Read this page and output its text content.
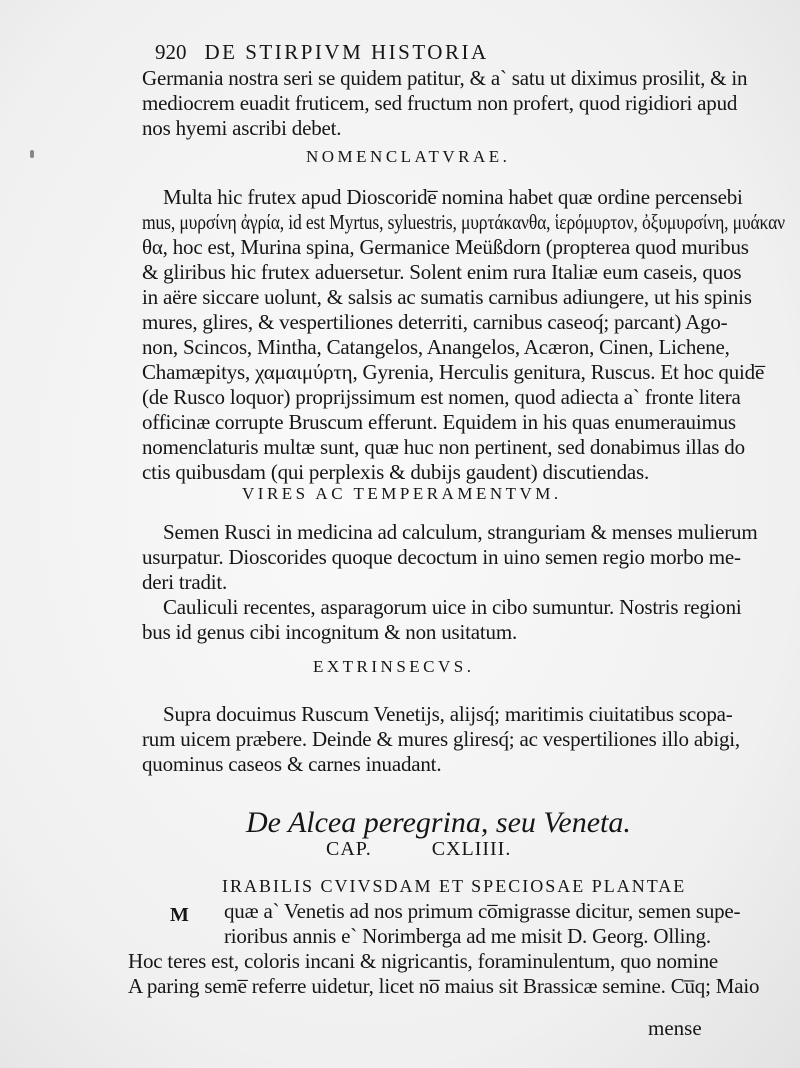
920 DE STIRPIVM HISTORIA
Germania nostra seri se quidem patitur, & a` satu ut diximus prosilit, & in
mediocrem euadit fruticem, sed fructum non profert, quod rigidiori apud
nos hyemi ascribi debet.
NOMENCLATVRAE.
Multa hic frutex apud Dioscoride̅ nomina habet quæ ordine percensebi
mus, μυρσίνη ἀγρία, id est Myrtus, syluestris, μυρτάκανθα, ἱερόμυρτον, ὀξυμυρσίνη, μυάκαν
θα, hoc est, Murina spina, Germanice Meüßdorn (propterea quod muribus
& gliribus hic frutex aduersetur. Solent enim rura Italiæ eum caseis, quos
in aëre siccare uolunt, & salsis ac sumatis carnibus adiungere, ut his spinis
mures, glires, & vespertiliones deterriti, carnibus caseoq́; parcant) Ago-
non, Scincos, Mintha, Catangelos, Anangelos, Acæron, Cinen, Lichene,
Chamæpitys, χαμαιμύρτη, Gyrenia, Herculis genitura, Ruscus. Et hoc quide̅
(de Rusco loquor) proprĳssimum est nomen, quod adiecta a` fronte litera
officinæ corrupte Bruscum efferunt. Equidem in his quas enumerauimus
nomenclaturis multæ sunt, quæ huc non pertinent, sed donabimus illas do
ctis quibusdam (qui perplexis & dubĳs gaudent) discutiendas.
VIRES AC TEMPERAMENTVM.
Semen Rusci in medicina ad calculum, stranguriam & menses mulierum
usurpatur. Dioscorides quoque decoctum in uino semen regio morbo me-
deri tradit.
Cauliculi recentes, asparagorum uice in cibo sumuntur. Nostris regioni
bus id genus cibi incognitum & non usitatum.
EXTRINSECVS.
Supra docuimus Ruscum Venetĳs, alĳsq́; maritimis ciuitatibus scopa-
rum uicem præbere. Deinde & mures gliresq́; ac vespertiliones illo abigi,
quominus caseos & carnes inuadant.
De Alcea peregrina, seu Veneta.
CAP.	CXLIIII.
IRABILIS CVIVSDAM ET SPECIOSAE PLANTAE
M quæ a` Venetis ad nos primum co̅migrasse dicitur, semen supe-
rioribus annis e` Norimberga ad me misit D. Georg. Olling.
Hoc teres est, coloris incani & nigricantis, foraminulentum, quo nomine
A paring seme̅ referre uidetur, licet no̅ maius sit Brassicæ semine. Cu̅q; Maio
mense
